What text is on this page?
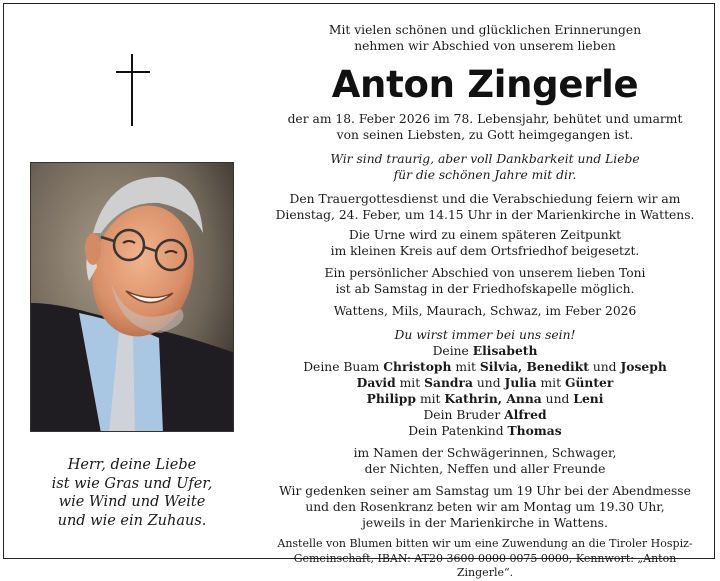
Herr, deine Liebe
ist wie Gras und Ufer,
wie Wind und Weite
und wie ein Zuhaus.

Mit vielen schönen und glücklichen Erinnerungen

nehmen wir Abschied von unserem lieben

Anton Zingerle

der am 18. Feber 2026 im 78. Lebensjahr, behütet und umarmt

von seinen Liebsten, zu Gott heimgegangen ist.

Wir sind traurig, aber voll Dankbarkeit und Liebe

für die schönen Jahre mit dir.

Den Trauergottesdienst und die Verabschiedung feiern wir am

Dienstag, 24. Feber, um 14.15 Uhr in der Marienkirche in Wattens.

Die Urne wird zu einem späteren Zeitpunkt

im kleinen Kreis auf dem Ortsfriedhof beigesetzt.

Ein persönlicher Abschied von unserem lieben Toni

ist ab Samstag in der Friedhofskapelle möglich.

Wattens, Mils, Maurach, Schwaz, im Feber 2026

Du wirst immer bei uns sein!

Deine Elisabeth

Deine Buam Christoph mit Silvia, Benedikt und Joseph

David mit Sandra und Julia mit Günter

Philipp mit Kathrin, Anna und Leni

Dein Bruder Alfred

Dein Patenkind Thomas

im Namen der Schwägerinnen, Schwager,

der Nichten, Neffen und aller Freunde

Wir gedenken seiner am Samstag um 19 Uhr bei der Abendmesse

und den Rosenkranz beten wir am Montag um 19.30 Uhr,

jeweils in der Marienkirche in Wattens.

Anstelle von Blumen bitten wir um eine Zuwendung an die Tiroler Hospiz-

Gemeinschaft, IBAN: AT20 3600 0000 0075 0000, Kennwort: „Anton Zingerle“.
